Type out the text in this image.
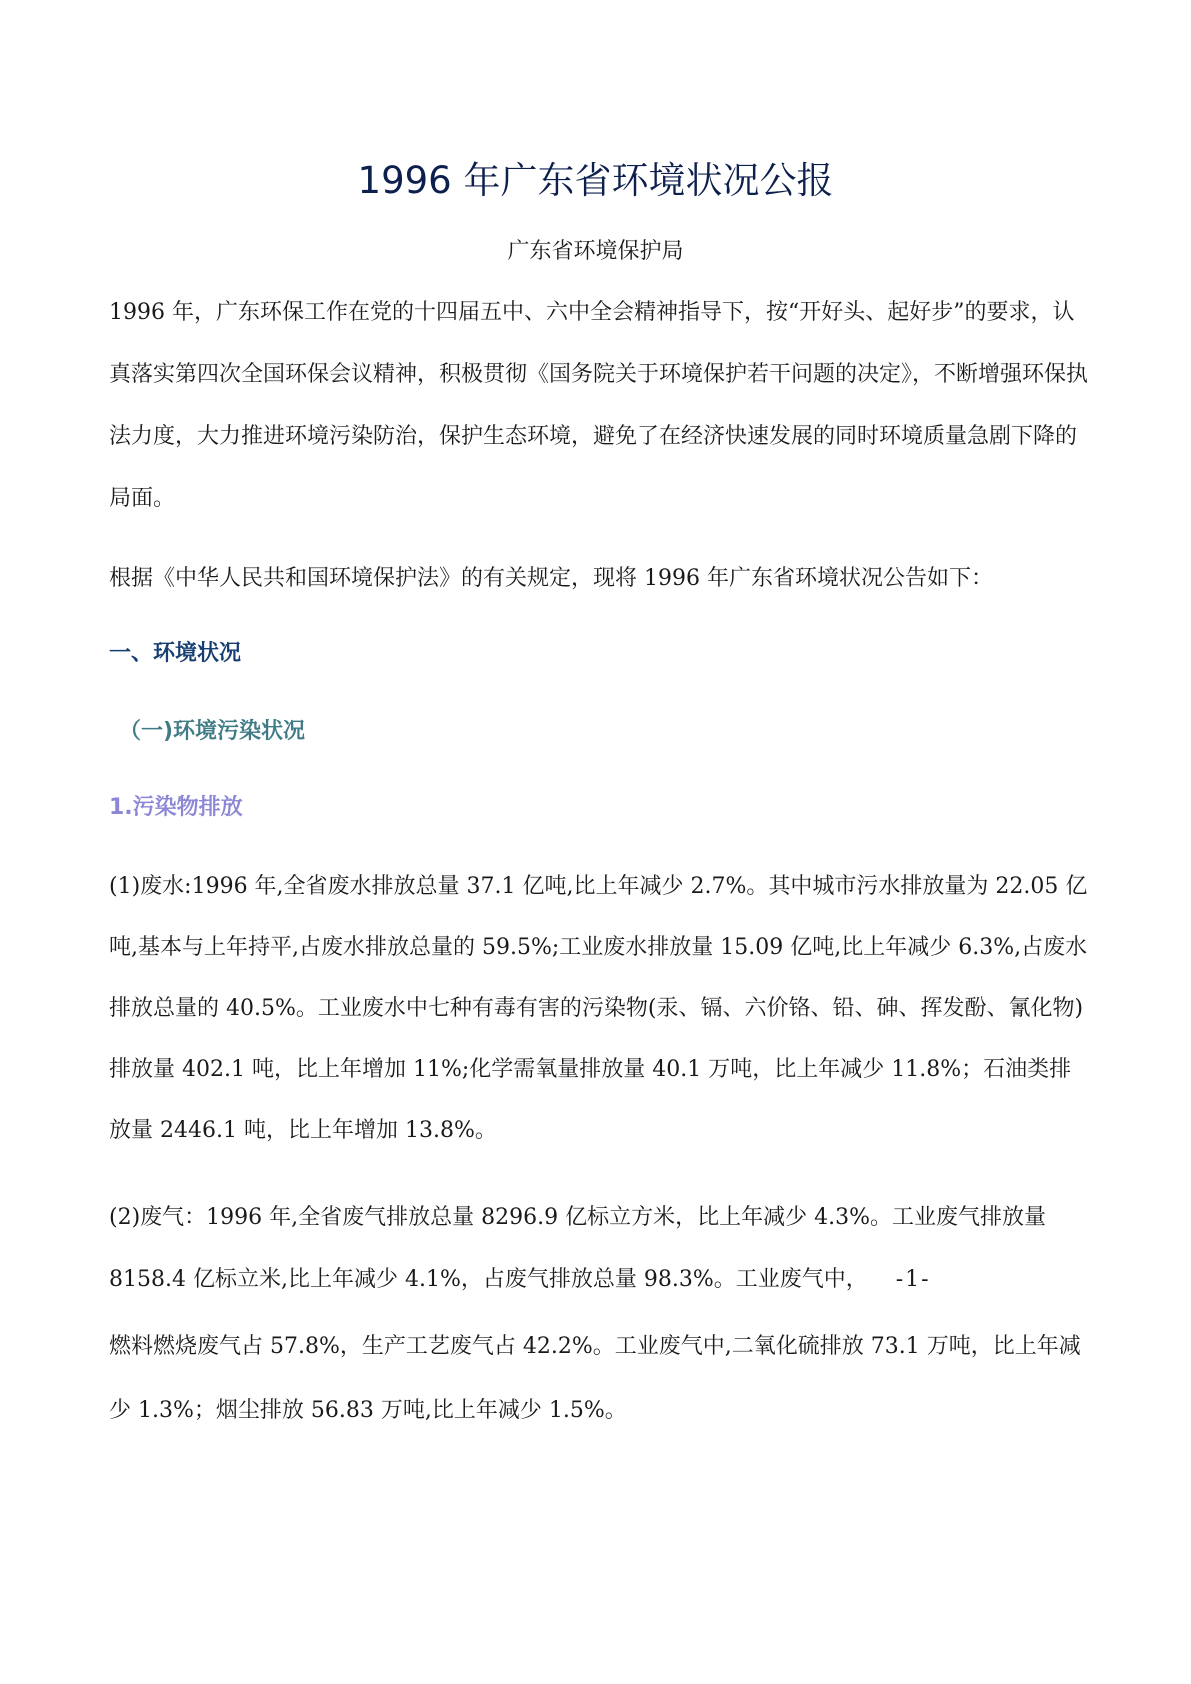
1996 年广东省环境状况公报

广东省环境保护局

1996 年，广东环保工作在党的十四届五中、六中全会精神指导下，按“开好头、起好步”的要求，认真落实第四次全国环保会议精神，积极贯彻《国务院关于环境保护若干问题的决定》，不断增强环保执法力度，大力推进环境污染防治，保护生态环境，避免了在经济快速发展的同时环境质量急剧下降的局面。

根据《中华人民共和国环境保护法》的有关规定，现将 1996 年广东省环境状况公告如下：

一、环境状况
（一)环境污染状况
1.污染物排放

(1)废水:1996 年,全省废水排放总量 37.1 亿吨,比上年减少 2.7%。其中城市污水排放量为 22.05 亿吨,基本与上年持平,占废水排放总量的 59.5%;工业废水排放量 15.09 亿吨,比上年减少 6.3%,占废水排放总量的 40.5%。工业废水中七种有毒有害的污染物(汞、镉、六价铬、铅、砷、挥发酚、氰化物)排放量 402.1 吨，比上年增加 11%;化学需氧量排放量 40.1 万吨，比上年减少 11.8%；石油类排放量 2446.1 吨，比上年增加 13.8%。

(2)废气：1996 年,全省废气排放总量 8296.9 亿标立方米，比上年减少 4.3%。工业废气排放量 8158.4 亿标立米,比上年减少 4.1%，占废气排放总量 98.3%。工业废气中， -1-

燃料燃烧废气占 57.8%，生产工艺废气占 42.2%。工业废气中,二氧化硫排放 73.1 万吨，比上年减少 1.3%；烟尘排放 56.83 万吨,比上年减少 1.5%。
